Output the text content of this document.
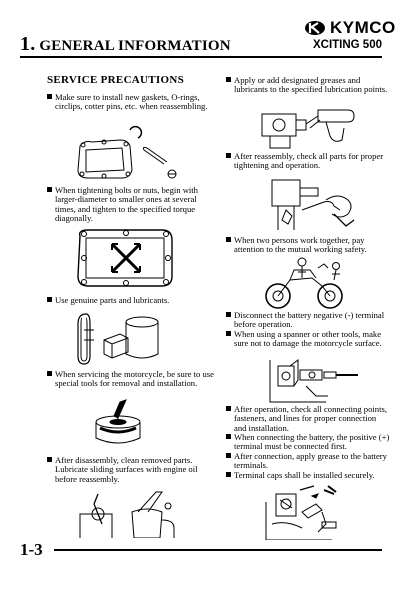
KYMCO
XCITING 500
1. GENERAL INFORMATION
SERVICE PRECAUTIONS
Make sure to install new gaskets, O-rings, circlips, cotter pins, etc. when reassembling.
When tightening bolts or nuts, begin with larger-diameter to smaller ones at several times, and tighten to the specified torque diagonally.
Use genuine parts and lubricants.
When servicing the motorcycle, be sure to use special tools for removal and installation.
After disassembly, clean removed parts. Lubricate sliding surfaces with engine oil before reassembly.
Apply or add designated greases and lubricants to the specified lubrication points.
After reassembly, check all parts for proper tightening and operation.
When two persons work together, pay attention to the mutual working safety.
Disconnect the battery negative (-) terminal before operation.
When using a spanner or other tools, make sure not to damage the motorcycle surface.
After operation, check all connecting points, fasteners, and lines for proper connection and installation.
When connecting the battery, the positive (+) terminal must be connected first.
After connection, apply grease to the battery terminals.
Terminal caps shall be installed securely.
1-3
